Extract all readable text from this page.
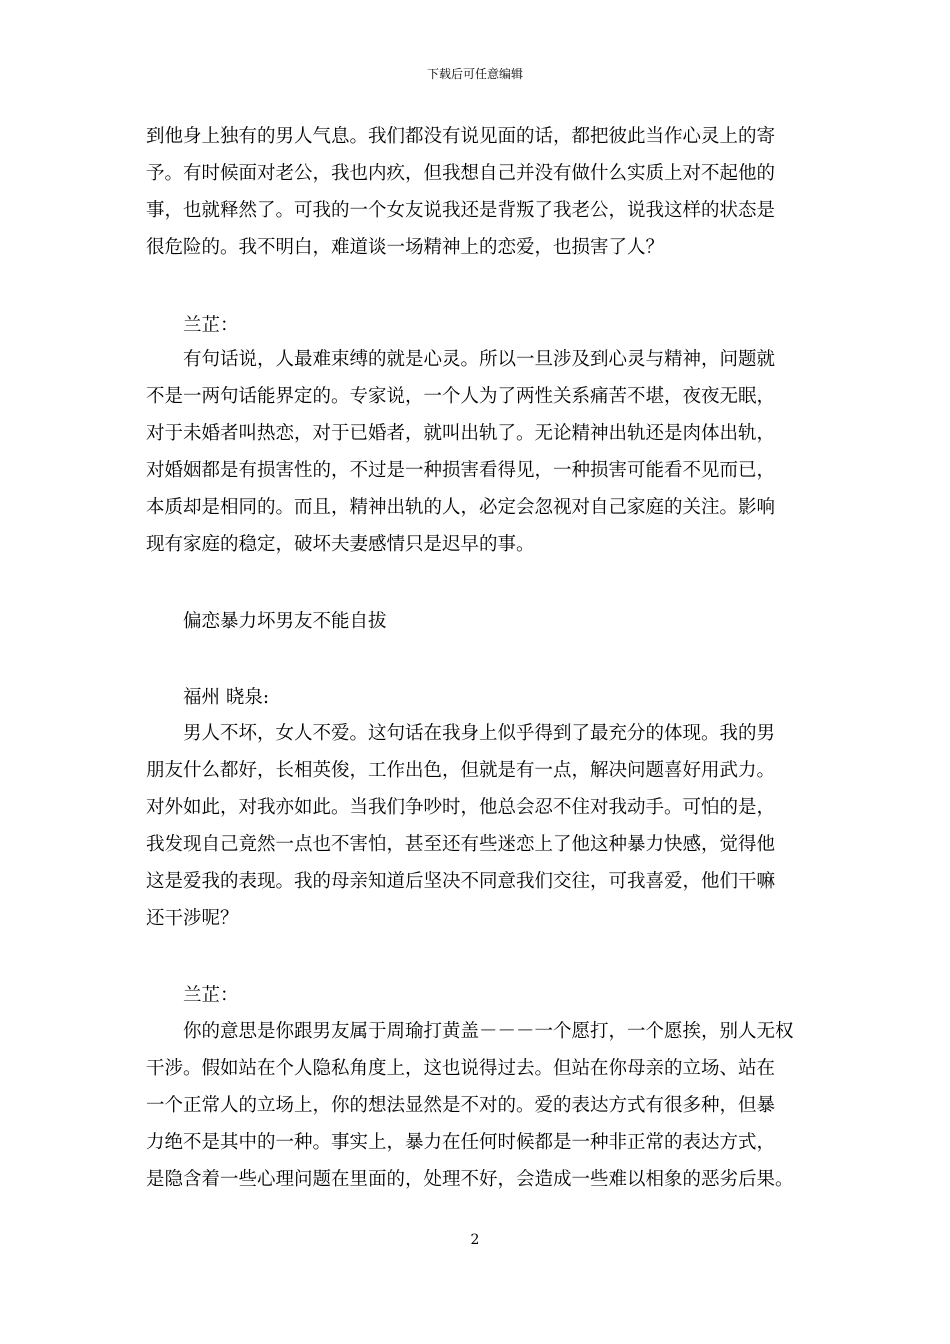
下载后可任意编辑
到他身上独有的男人气息。我们都没有说见面的话，都把彼此当作心灵上的寄
予。有时候面对老公，我也内疚，但我想自己并没有做什么实质上对不起他的
事，也就释然了。可我的一个女友说我还是背叛了我老公，说我这样的状态是
很危险的。我不明白，难道谈一场精神上的恋爱，也损害了人？
兰芷：
有句话说，人最难束缚的就是心灵。所以一旦涉及到心灵与精神，问题就
不是一两句话能界定的。专家说，一个人为了两性关系痛苦不堪，夜夜无眠，
对于未婚者叫热恋，对于已婚者，就叫出轨了。无论精神出轨还是肉体出轨，
对婚姻都是有损害性的，不过是一种损害看得见，一种损害可能看不见而已，
本质却是相同的。而且，精神出轨的人，必定会忽视对自己家庭的关注。影响
现有家庭的稳定，破坏夫妻感情只是迟早的事。
偏恋暴力坏男友不能自拔
福州 晓泉:
男人不坏，女人不爱。这句话在我身上似乎得到了最充分的体现。我的男
朋友什么都好，长相英俊，工作出色，但就是有一点，解决问题喜好用武力。
对外如此，对我亦如此。当我们争吵时，他总会忍不住对我动手。可怕的是，
我发现自己竟然一点也不害怕，甚至还有些迷恋上了他这种暴力快感，觉得他
这是爱我的表现。我的母亲知道后坚决不同意我们交往，可我喜爱，他们干嘛
还干涉呢？
兰芷：
你的意思是你跟男友属于周瑜打黄盖－－－一个愿打，一个愿挨，别人无权
干涉。假如站在个人隐私角度上，这也说得过去。但站在你母亲的立场、站在
一个正常人的立场上，你的想法显然是不对的。爱的表达方式有很多种，但暴
力绝不是其中的一种。事实上，暴力在任何时候都是一种非正常的表达方式，
是隐含着一些心理问题在里面的，处理不好，会造成一些难以相象的恶劣后果。
2
